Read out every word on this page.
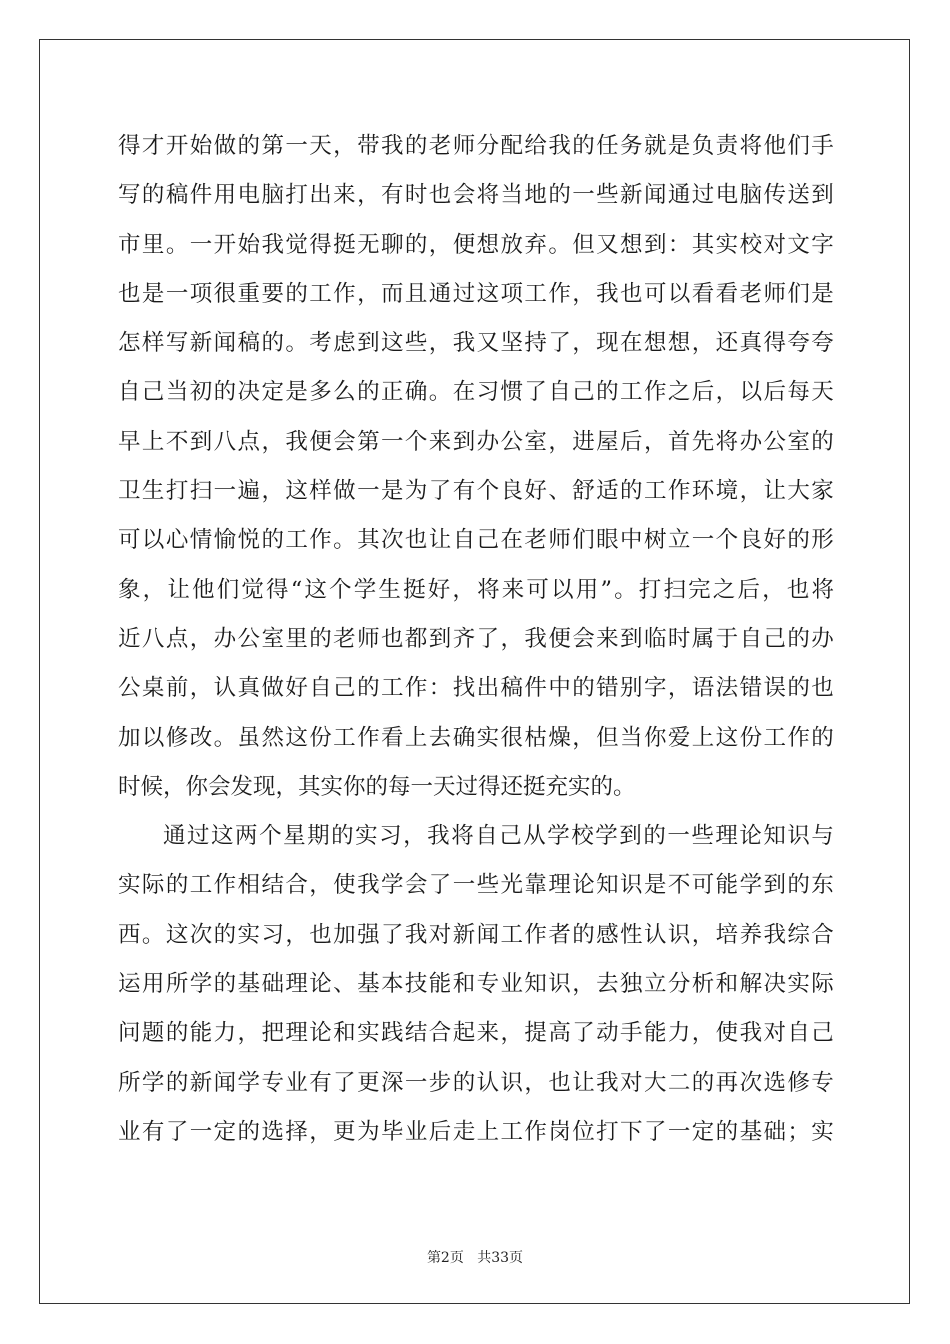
得 才 开 始 做 的 第 一 天 ， 带 我 的 老 师 分 配 给 我 的 任 务 就 是 负 责 将 他 们 手
写 的 稿 件 用 电 脑 打 出 来 ， 有 时 也 会 将 当 地 的 一 些 新 闻 通 过 电 脑 传 送 到
市 里 。 一 开 始 我 觉 得 挺 无 聊 的 ， 便 想 放 弃 。 但 又 想 到 ： 其 实 校 对 文 字
也 是 一 项 很 重 要 的 工 作 ， 而 且 通 过 这 项 工 作 ， 我 也 可 以 看 看 老 师 们 是
怎 样 写 新 闻 稿 的 。 考 虑 到 这 些 ， 我 又 坚 持 了 ， 现 在 想 想 ， 还 真 得 夸 夸
自 己 当 初 的 决 定 是 多 么 的 正 确 。 在 习 惯 了 自 己 的 工 作 之 后 ， 以 后 每 天
早 上 不 到 八 点 ， 我 便 会 第 一 个 来 到 办 公 室 ， 进 屋 后 ， 首 先 将 办 公 室 的
卫 生 打 扫 一 遍 ， 这 样 做 一 是 为 了 有 个 良 好 、 舒 适 的 工 作 环 境 ， 让 大 家
可 以 心 情 愉 悦 的 工 作 。 其 次 也 让 自 己 在 老 师 们 眼 中 树 立 一 个 良 好 的 形
象 ， 让 他 们 觉 得 “ 这 个 学 生 挺 好 ， 将 来 可 以 用 ” 。 打 扫 完 之 后 ， 也 将
近 八 点 ， 办 公 室 里 的 老 师 也 都 到 齐 了 ， 我 便 会 来 到 临 时 属 于 自 己 的 办
公 桌 前 ， 认 真 做 好 自 己 的 工 作 ： 找 出 稿 件 中 的 错 别 字 ， 语 法 错 误 的 也
加 以 修 改 。 虽 然 这 份 工 作 看 上 去 确 实 很 枯 燥 ， 但 当 你 爱 上 这 份 工 作 的
时候，你会发现，其实你的每一天过得还挺充实的。
通 过 这 两 个 星 期 的 实 习 ， 我 将 自 己 从 学 校 学 到 的 一 些 理 论 知 识 与
实 际 的 工 作 相 结 合 ， 使 我 学 会 了 一 些 光 靠 理 论 知 识 是 不 可 能 学 到 的 东
西 。 这 次 的 实 习 ， 也 加 强 了 我 对 新 闻 工 作 者 的 感 性 认 识 ， 培 养 我 综 合
运 用 所 学 的 基 础 理 论 、 基 本 技 能 和 专 业 知 识 ， 去 独 立 分 析 和 解 决 实 际
问 题 的 能 力 ， 把 理 论 和 实 践 结 合 起 来 ， 提 高 了 动 手 能 力 ， 使 我 对 自 己
所 学 的 新 闻 学 专 业 有 了 更 深 一 步 的 认 识 ， 也 让 我 对 大 二 的 再 次 选 修 专
业 有 了 一 定 的 选 择 ， 更 为 毕 业 后 走 上 工 作 岗 位 打 下 了 一 定 的 基 础 ； 实
第2页 共33页
